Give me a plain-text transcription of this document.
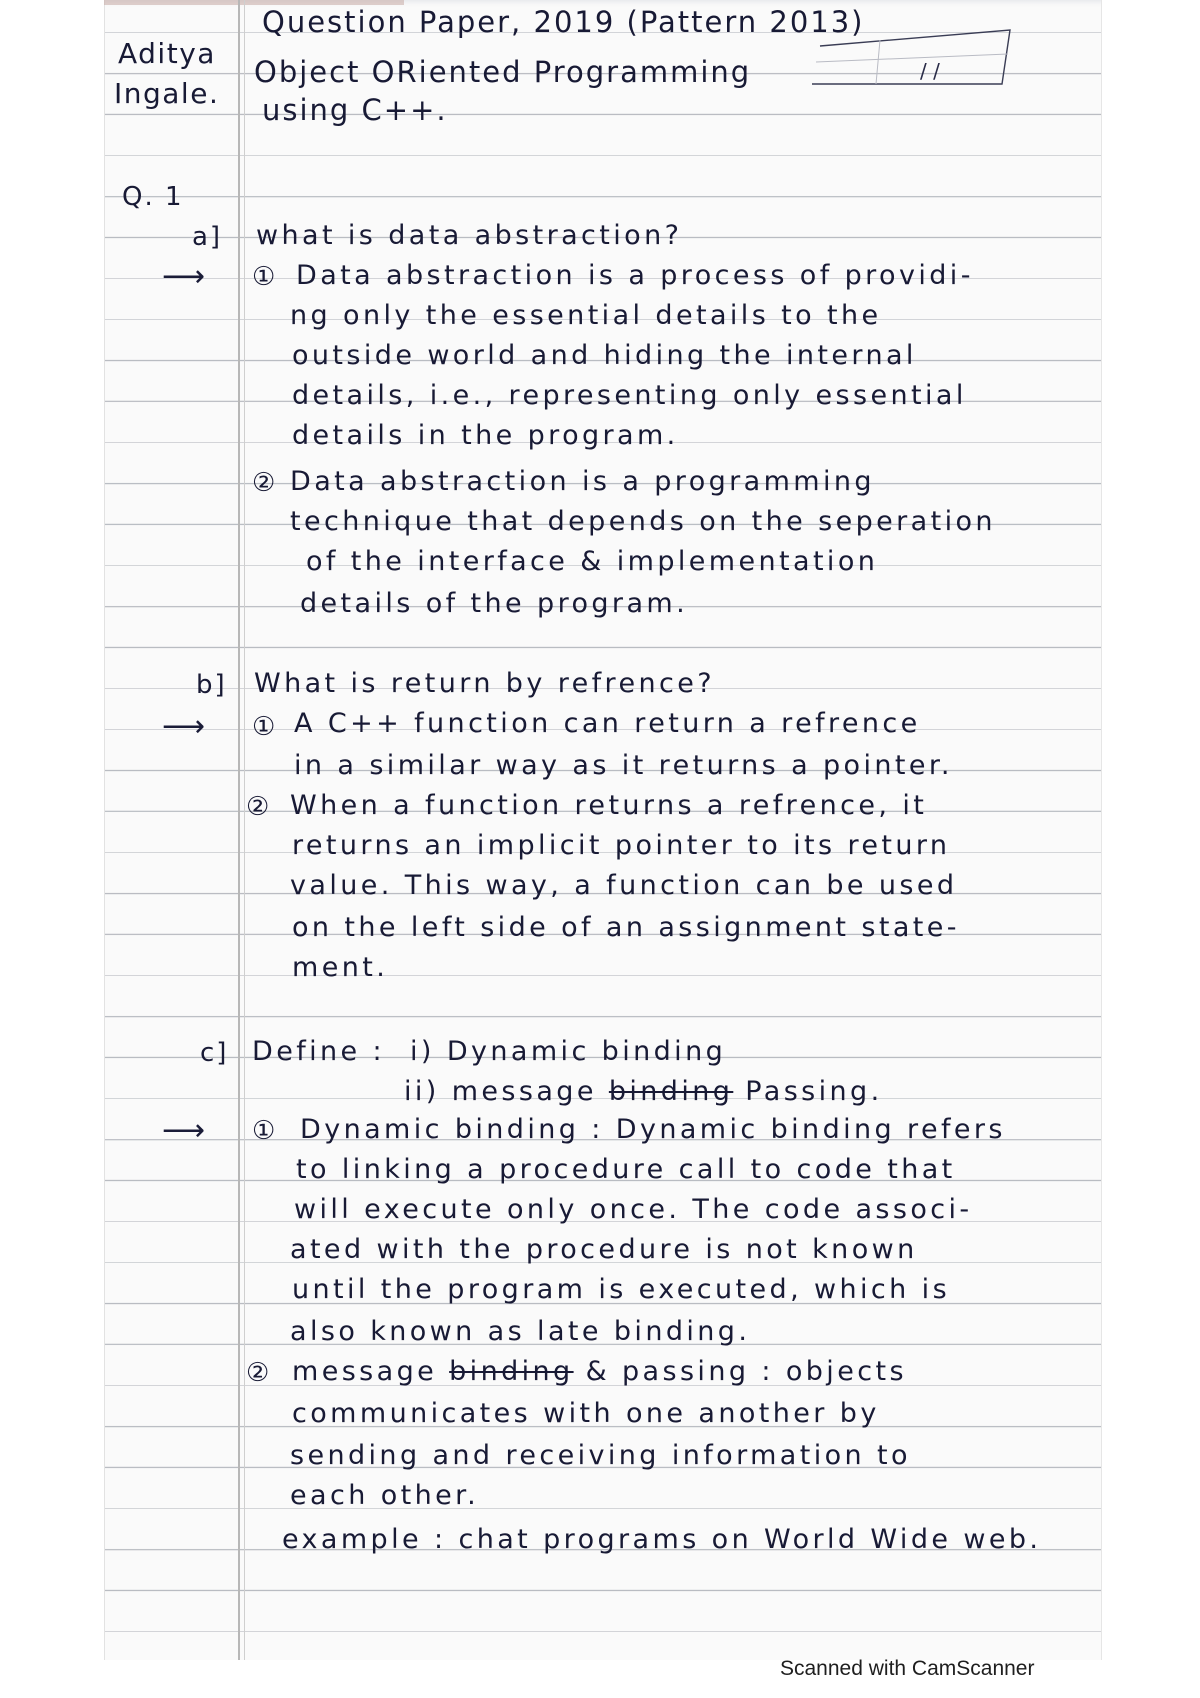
/ /
Aditya
Ingale.
Question Paper, 2019 (Pattern 2013)
Object ORiented Programming
using C++.
Q. 1
a] what is data abstraction?
⟶ ① Data abstraction is a process of providi-
ng only the essential details to the
outside world and hiding the internal
details, i.e., representing only essential
details in the program.
② Data abstraction is a programming
technique that depends on the seperation
of the interface & implementation
details of the program.
b] What is return by refrence?
⟶ ① A C++ function can return a refrence
in a similar way as it returns a pointer.
② When a function returns a refrence, it
returns an implicit pointer to its return
value. This way, a function can be used
on the left side of an assignment state-
ment.
c] Define : i) Dynamic binding
ii) message binding Passing.
⟶ ① Dynamic binding : Dynamic binding refers
to linking a procedure call to code that
will execute only once. The code associ-
ated with the procedure is not known
until the program is executed, which is
also known as late binding.
② message binding & passing : objects
communicates with one another by
sending and receiving information to
each other.
example : chat programs on World Wide web.
Scanned with CamScanner
